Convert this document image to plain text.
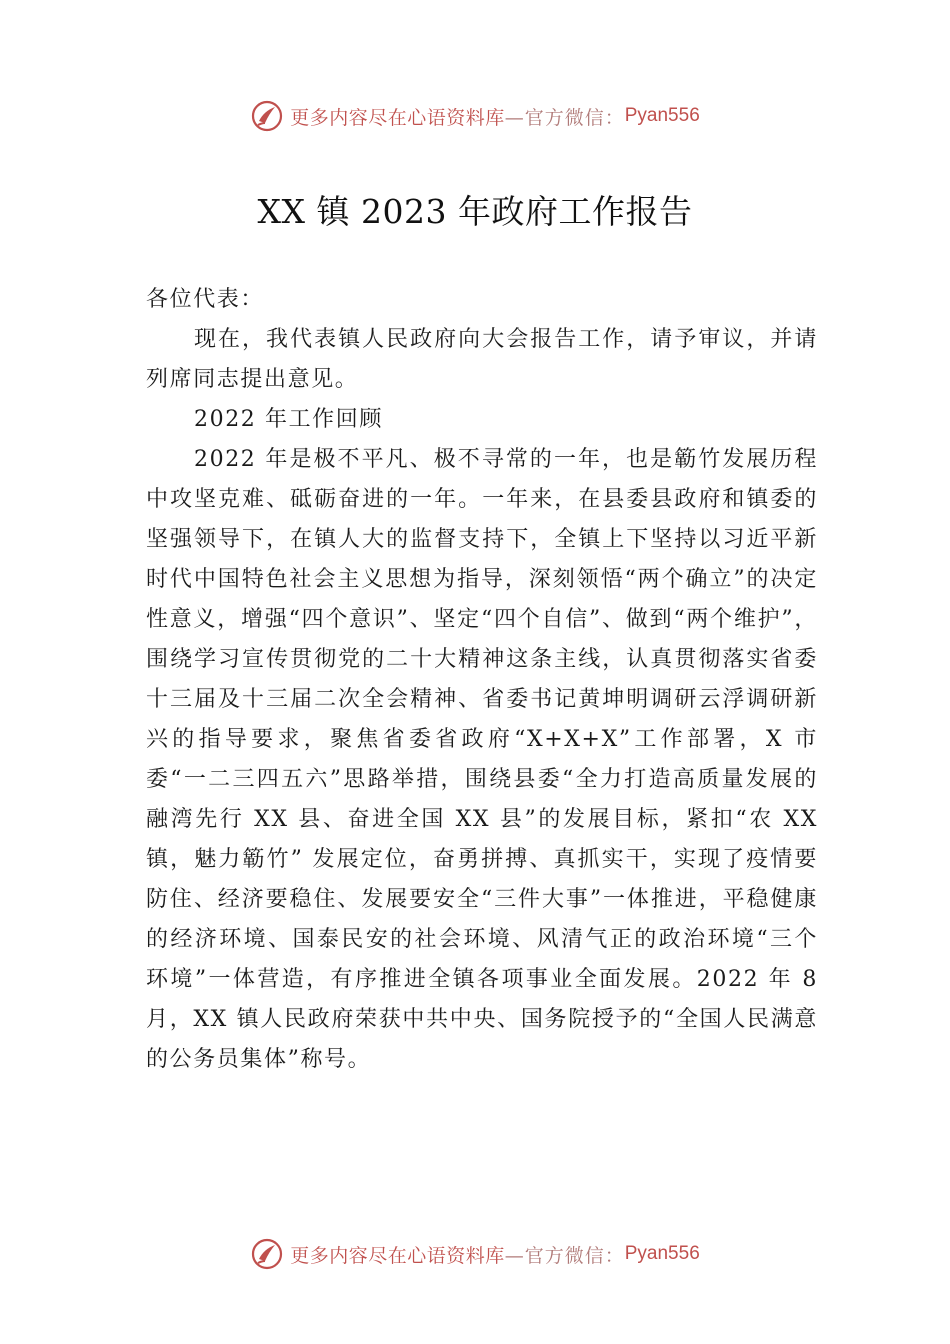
更多内容尽在心语资料库 —官方微信： Pyan556
XX 镇 2023 年政府工作报告

各位代表：

现在，我代表镇人民政府向大会报告工作，请予审议，并请列席同志提出意见。

2022 年工作回顾

2022 年是极不平凡、极不寻常的一年，也是簕竹发展历程中攻坚克难、砥砺奋进的一年。一年来，在县委县政府和镇委的坚强领导下，在镇人大的监督支持下，全镇上下坚持以习近平新时代中国特色社会主义思想为指导，深刻领悟“两个确立”的决定性意义，增强“四个意识”、坚定“四个自信”、做到“两个维护”，围绕学习宣传贯彻党的二十大精神这条主线，认真贯彻落实省委十三届及十三届二次全会精神、省委书记黄坤明调研云浮调研新兴的指导要求，聚焦省委省政府“X+X+X”工作部署，X 市委“一二三四五六”思路举措，围绕县委“全力打造高质量发展的融湾先行 XX 县、奋进全国 XX 县”的发展目标，紧扣“农 XX 镇，魅力簕竹” 发展定位，奋勇拼搏、真抓实干，实现了疫情要防住、经济要稳住、发展要安全“三件大事”一体推进，平稳健康的经济环境、国泰民安的社会环境、风清气正的政治环境“三个环境”一体营造，有序推进全镇各项事业全面发展。2022 年 8 月，XX 镇人民政府荣获中共中央、国务院授予的“全国人民满意的公务员集体”称号。

更多内容尽在心语资料库 —官方微信： Pyan556
